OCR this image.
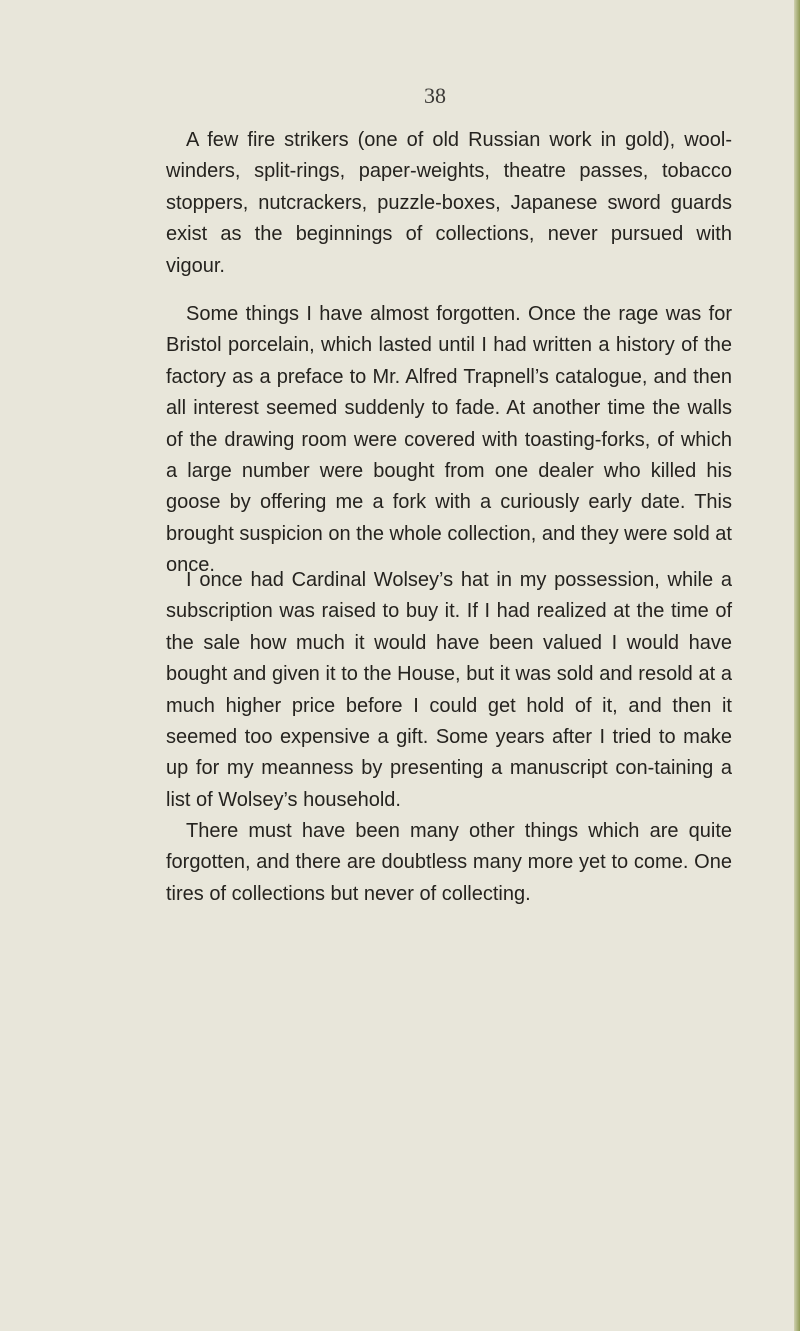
38

A few fire strikers (one of old Russian work in gold), wool-winders, split-rings, paper-weights, theatre passes, tobacco stoppers, nutcrackers, puzzle-boxes, Japanese sword guards exist as the beginnings of collections, never pursued with vigour.

Some things I have almost forgotten. Once the rage was for Bristol porcelain, which lasted until I had written a history of the factory as a preface to Mr. Alfred Trapnell’s catalogue, and then all interest seemed suddenly to fade. At another time the walls of the drawing room were covered with toasting-forks, of which a large number were bought from one dealer who killed his goose by offering me a fork with a curiously early date. This brought suspicion on the whole collection, and they were sold at once.

I once had Cardinal Wolsey’s hat in my possession, while a subscription was raised to buy it. If I had realized at the time of the sale how much it would have been valued I would have bought and given it to the House, but it was sold and resold at a much higher price before I could get hold of it, and then it seemed too expensive a gift. Some years after I tried to make up for my meanness by presenting a manuscript con-taining a list of Wolsey’s household.

There must have been many other things which are quite forgotten, and there are doubtless many more yet to come. One tires of collections but never of collecting.
